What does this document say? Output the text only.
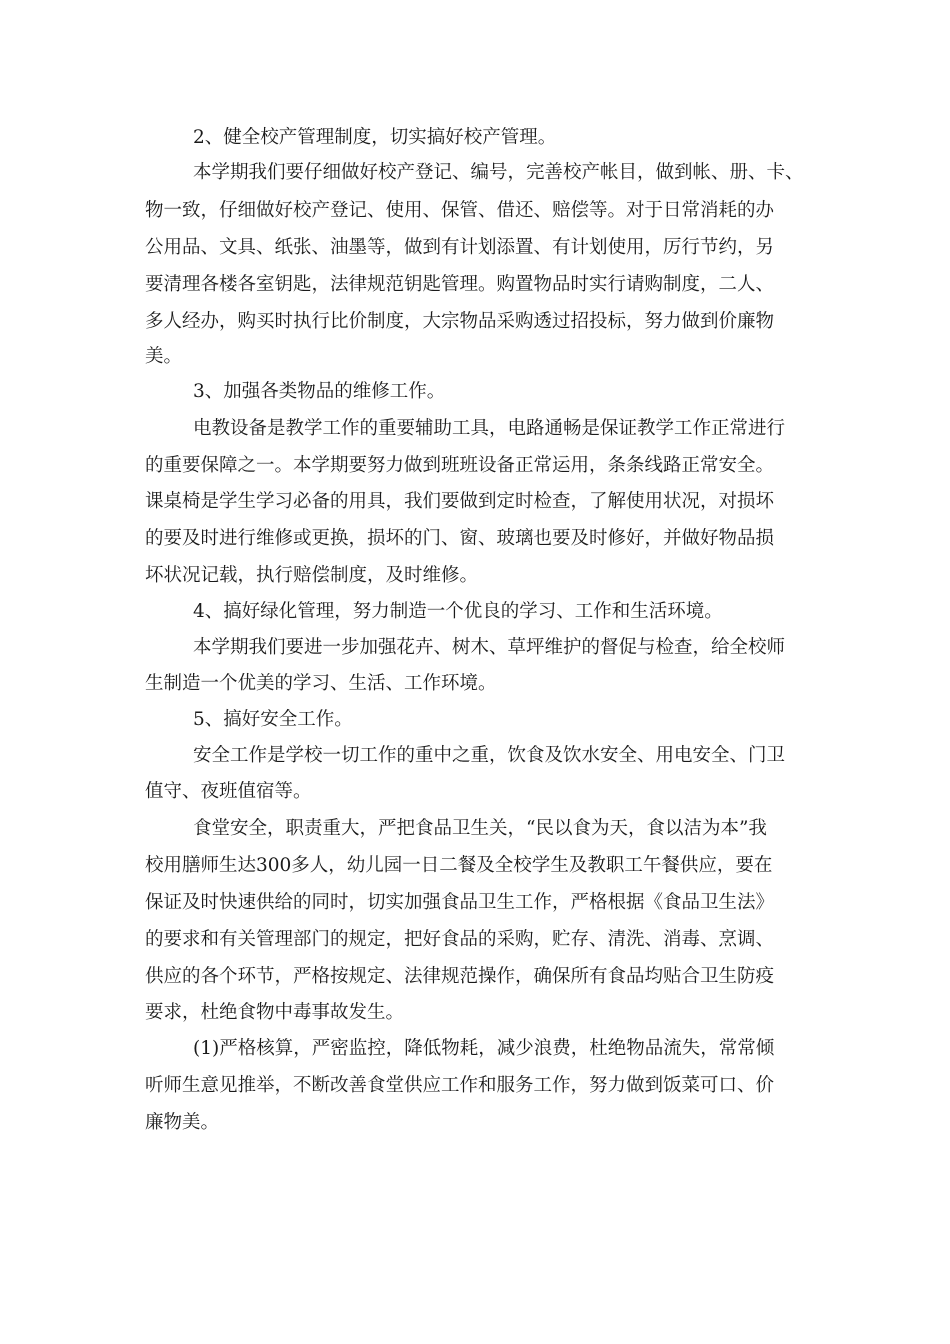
2、健全校产管理制度，切实搞好校产管理。
本学期我们要仔细做好校产登记、编号，完善校产帐目，做到帐、册、卡、
物一致，仔细做好校产登记、使用、保管、借还、赔偿等。对于日常消耗的办
公用品、文具、纸张、油墨等，做到有计划添置、有计划使用，厉行节约，另
要清理各楼各室钥匙，法律规范钥匙管理。购置物品时实行请购制度，二人、
多人经办，购买时执行比价制度，大宗物品采购透过招投标，努力做到价廉物
美。
3、加强各类物品的维修工作。
电教设备是教学工作的重要辅助工具，电路通畅是保证教学工作正常进行
的重要保障之一。本学期要努力做到班班设备正常运用，条条线路正常安全。
课桌椅是学生学习必备的用具，我们要做到定时检查，了解使用状况，对损坏
的要及时进行维修或更换，损坏的门、窗、玻璃也要及时修好，并做好物品损
坏状况记载，执行赔偿制度，及时维修。
4、搞好绿化管理，努力制造一个优良的学习、工作和生活环境。
本学期我们要进一步加强花卉、树木、草坪维护的督促与检查，给全校师
生制造一个优美的学习、生活、工作环境。
5、搞好安全工作。
安全工作是学校一切工作的重中之重，饮食及饮水安全、用电安全、门卫
值守、夜班值宿等。
食堂安全，职责重大，严把食品卫生关，“民以食为天，食以洁为本”我
校用膳师生达300多人，幼儿园一日二餐及全校学生及教职工午餐供应，要在
保证及时快速供给的同时，切实加强食品卫生工作，严格根据《食品卫生法》
的要求和有关管理部门的规定，把好食品的采购，贮存、清洗、消毒、烹调、
供应的各个环节，严格按规定、法律规范操作，确保所有食品均贴合卫生防疫
要求，杜绝食物中毒事故发生。
(1)严格核算，严密监控，降低物耗，减少浪费，杜绝物品流失，常常倾
听师生意见推举，不断改善食堂供应工作和服务工作，努力做到饭菜可口、价
廉物美。
